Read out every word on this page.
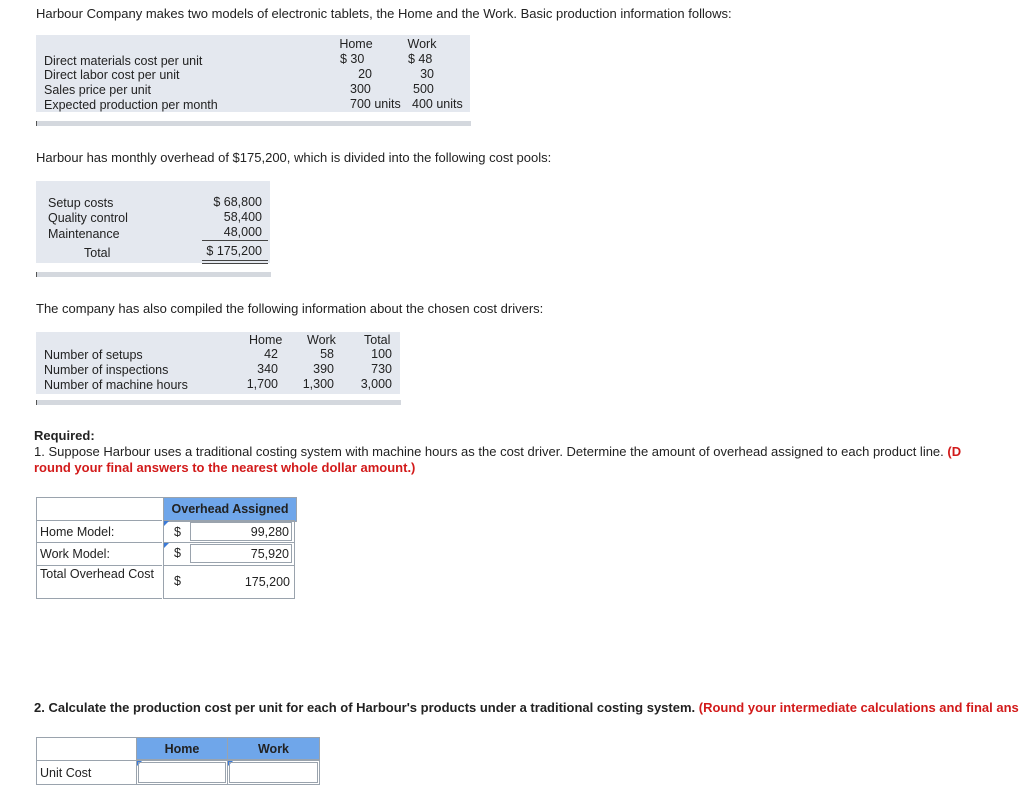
Harbour Company makes two models of electronic tablets, the Home and the Work. Basic production information follows:
Home	Work
Direct materials cost per unit	$ 30	$ 48
Direct labor cost per unit	20	30
Sales price per unit	300	500
Expected production per month	700 units 400 units
Harbour has monthly overhead of $175,200, which is divided into the following cost pools:
Setup costs	$ 68,800
Quality control	58,400
Maintenance	48,000
Total	$ 175,200
The company has also compiled the following information about the chosen cost drivers:
Home Work Total
Number of setups	42	58	100
Number of inspections	340	390	730
Number of machine hours	1,700	1,300	3,000
Required:
1. Suppose Harbour uses a traditional costing system with machine hours as the cost driver. Determine the amount of overhead assigned to each product line. (D
round your final answers to the nearest whole dollar amount.)
Overhead Assigned
Home Model:	$	99,280
Work Model:	$	75,920
Total Overhead Cost	$	175,200
2. Calculate the production cost per unit for each of Harbour's products under a traditional costing system. (Round your intermediate calculations and final ans
Home	Work
Unit Cost
